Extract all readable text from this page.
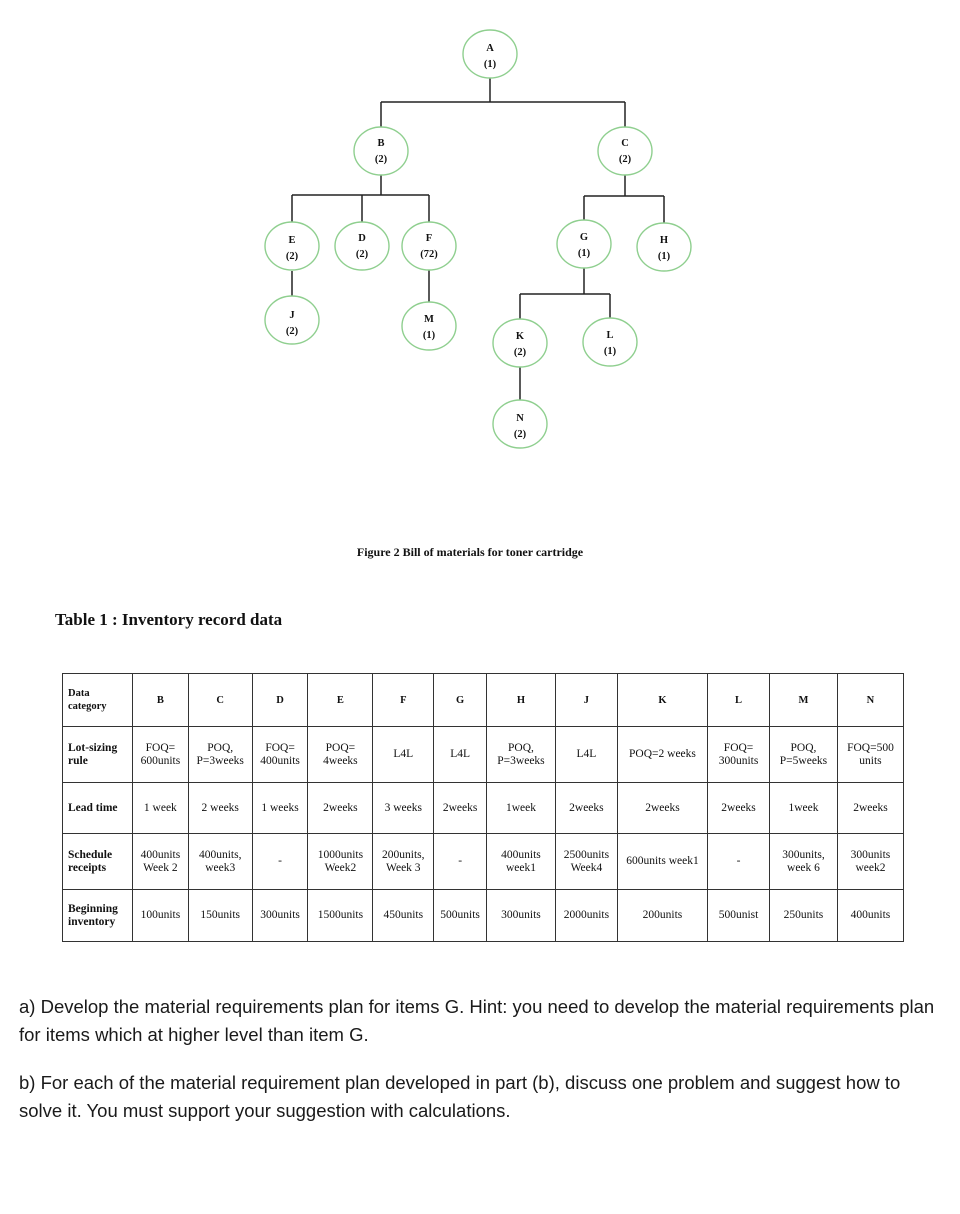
A
(1)
B
(2)
C
(2)
E
(2)
D
(2)
F
(72)
G
(1)
H
(1)
J
(2)
M
(1)	K
(2)
L
(1)
N
(2)
Figure 2 Bill of materials for toner cartridge
Table 1 : Inventory record data
Data category	B	C	D	E	F	G	H	J	K	L	M	N
Lot-sizing rule	FOQ= 600units	POQ, P=3weeks	FOQ= 400units	POQ= 4weeks	L4L	L4L	POQ, P=3weeks	L4L	POQ=2 weeks	FOQ= 300units	POQ, P=5weeks	FOQ=500 units
Lead time	1 week	2 weeks	1 weeks	2weeks	3 weeks	2weeks	1week	2weeks	2weeks	2weeks	1week	2weeks
Schedule receipts	400units Week 2	400units, week3	-	1000units Week2	200units, Week 3	-	400units week1	2500units Week4	600units week1	-	300units, week 6	300units week2
Beginning inventory	100units	150units	300units	1500units	450units	500units	300units	2000units	200units	500unist	250units	400units
a) Develop the material requirements plan for items G. Hint: you need to develop the material requirements plan for items which at higher level than item G.
b) For each of the material requirement plan developed in part (b), discuss one problem and suggest how to solve it. You must support your suggestion with calculations.
